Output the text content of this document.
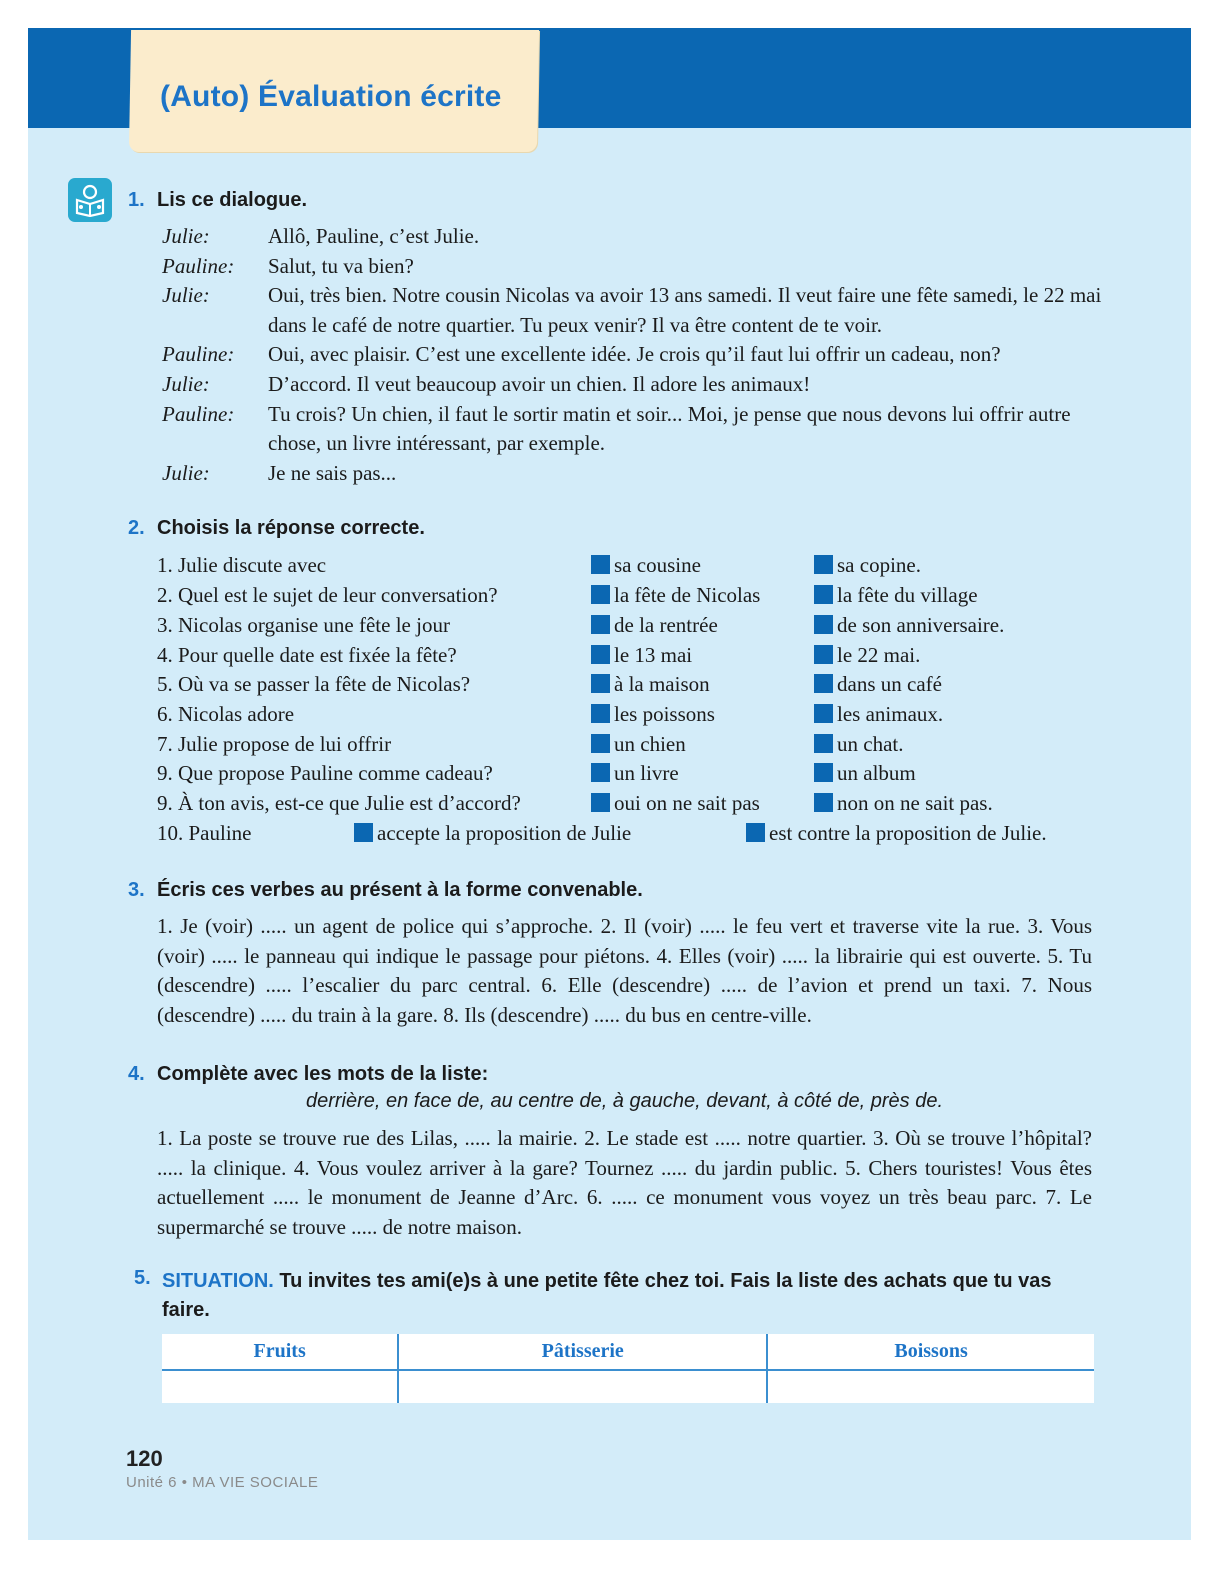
(Auto) Évaluation écrite
1. Lis ce dialogue.
Julie:	Allô, Pauline, c’est Julie.
Pauline:	Salut, tu va bien?
Julie:	Oui, très bien. Notre cousin Nicolas va avoir 13 ans samedi. Il veut faire une fête samedi, le 22 mai dans le café de notre quartier. Tu peux venir? Il va être content de te voir.
Pauline:	Oui, avec plaisir. C’est une excellente idée. Je crois qu’il faut lui offrir un cadeau, non?
Julie:	D’accord. Il veut beaucoup avoir un chien. Il adore les animaux!
Pauline:	Tu crois? Un chien, il faut le sortir matin et soir... Moi, je pense que nous devons lui offrir autre chose, un livre intéressant, par exemple.
Julie:	Je ne sais pas...
2. Choisis la réponse correcte.
1. Julie discute avec	sa cousine	sa copine.
2. Quel est le sujet de leur conversation?	la fête de Nicolas	la fête du village
3. Nicolas organise une fête le jour	de la rentrée	de son anniversaire.
4. Pour quelle date est fixée la fête?	le 13 mai	le 22 mai.
5. Où va se passer la fête de Nicolas?	à la maison	dans un café
6. Nicolas adore	les poissons	les animaux.
7. Julie propose de lui offrir	un chien	un chat.
9. Que propose Pauline comme cadeau?	un livre	un album
9. À ton avis, est-ce que Julie est d’accord?	oui on ne sait pas	non on ne sait pas.
10. Pauline	accepte la proposition de Julie	est contre la proposition de Julie.
3. Écris ces verbes au présent à la forme convenable.
1. Je (voir) ..... un agent de police qui s’approche. 2. Il (voir) ..... le feu vert et traverse vite la rue. 3. Vous (voir) ..... le panneau qui indique le passage pour piétons. 4. Elles (voir) ..... la librairie qui est ouverte. 5. Tu (descendre) ..... l’escalier du parc central. 6. Elle (descendre) ..... de l’avion et prend un taxi. 7. Nous (descendre) ..... du train à la gare. 8. Ils (descendre) ..... du bus en centre-ville.
4. Complète avec les mots de la liste:
derrière, en face de, au centre de, à gauche, devant, à côté de, près de.
1. La poste se trouve rue des Lilas, ..... la mairie. 2. Le stade est ..... notre quartier. 3. Où se trouve l’hôpital? ..... la clinique. 4. Vous voulez arriver à la gare? Tournez ..... du jardin public. 5. Chers touristes! Vous êtes actuellement ..... le monument de Jeanne d’Arc. 6. ..... ce monument vous voyez un très beau parc. 7. Le supermarché se trouve ..... de notre maison.
5. SITUATION. Tu invites tes ami(e)s à une petite fête chez toi. Fais la liste des achats que tu vas faire.
Fruits	Pâtisserie	Boissons

120
Unité 6 • MA VIE SOCIALE
